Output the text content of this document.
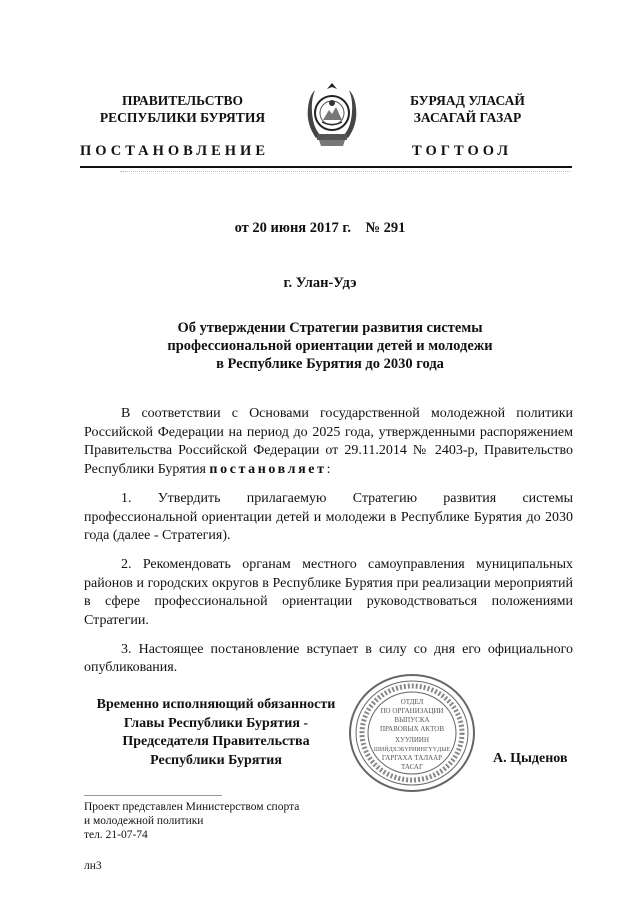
ПРАВИТЕЛЬСТВО
РЕСПУБЛИКИ БУРЯТИЯ
БУРЯАД УЛАСАЙ
ЗАСАГАЙ ГАЗАР
ПОСТАНОВЛЕНИЕ	ТОГТООЛ
от 20 июня 2017 г.    № 291
г. Улан-Удэ
Об утверждении Стратегии развития системы
профессиональной ориентации детей и молодежи
в Республике Бурятия до 2030 года

В соответствии с Основами государственной молодежной политики Российской Федерации на период до 2025 года, утвержденными распоряжением Правительства Российской Федерации от 29.11.2014 № 2403-р, Правительство Республики Бурятия постановляет:

1. Утвердить прилагаемую Стратегию развития системы профессиональной ориентации детей и молодежи в Республике Бурятия до 2030 года (далее - Стратегия).

2. Рекомендовать органам местного самоуправления муниципальных районов и городских округов в Республике Бурятия при реализации мероприятий в сфере профессиональной ориентации руководствоваться положениями Стратегии.

3. Настоящее постановление вступает в силу со дня его официального опубликования.

Временно исполняющий обязанности
Главы Республики Бурятия -
Председателя Правительства
Республики Бурятия
ОТДЕЛ
ПО ОРГАНИЗАЦИИ
ВЫПУСКА
ПРАВОВЫХ АКТОВ
ХУУЛИИН
ШИЙДХЭБҮРИИНГҮҮДЫЕ
ГАРГАХА ТАЛААР
ТАСАГ
А. Цыденов
Проект представлен Министерством спорта
и молодежной политики
тел. 21-07-74
лн3
